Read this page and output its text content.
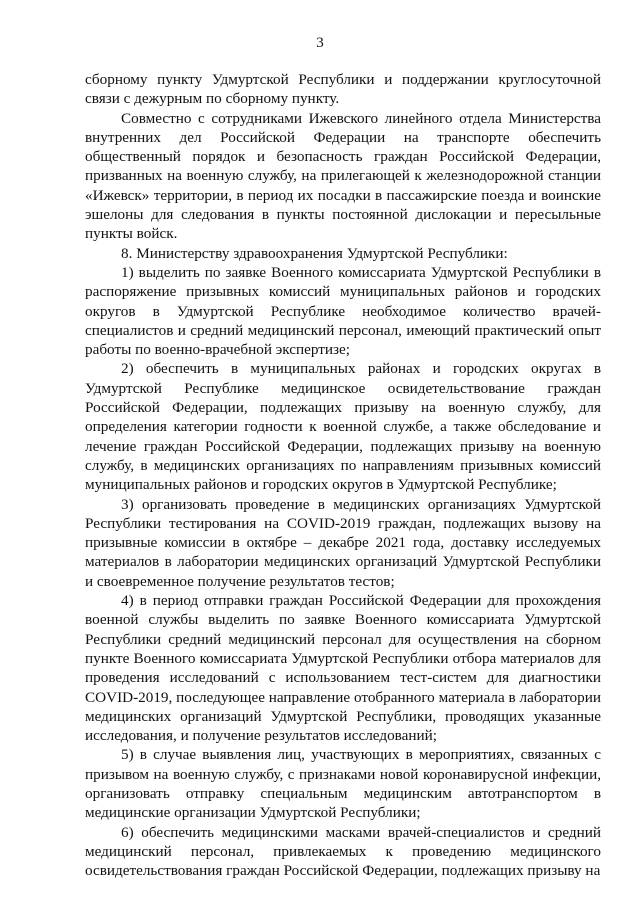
3

сборному пункту Удмуртской Республики и поддержании круглосуточной связи с дежурным по сборному пункту.

Совместно с сотрудниками Ижевского линейного отдела Министерства внутренних дел Российской Федерации на транспорте обеспечить общественный порядок и безопасность граждан Российской Федерации, призванных на военную службу, на прилегающей к железнодорожной станции «Ижевск» территории, в период их посадки в пассажирские поезда и воинские эшелоны для следования в пункты постоянной дислокации и пересыльные пункты войск.

8. Министерству здравоохранения Удмуртской Республики:

1) выделить по заявке Военного комиссариата Удмуртской Республики в распоряжение призывных комиссий муниципальных районов и городских округов в Удмуртской Республике необходимое количество врачей-специалистов и средний медицинский персонал, имеющий практический опыт работы по военно-врачебной экспертизе;

2) обеспечить в муниципальных районах и городских округах в Удмуртской Республике медицинское освидетельствование граждан Российской Федерации, подлежащих призыву на военную службу, для определения категории годности к военной службе, а также обследование и лечение граждан Российской Федерации, подлежащих призыву на военную службу, в медицинских организациях по направлениям призывных комиссий муниципальных районов и городских округов в Удмуртской Республике;

3) организовать проведение в медицинских организациях Удмуртской Республики тестирования на COVID-2019 граждан, подлежащих вызову на призывные комиссии в октябре – декабре 2021 года, доставку исследуемых материалов в лаборатории медицинских организаций Удмуртской Республики и своевременное получение результатов тестов;

4) в период отправки граждан Российской Федерации для прохождения военной службы выделить по заявке Военного комиссариата Удмуртской Республики средний медицинский персонал для осуществления на сборном пункте Военного комиссариата Удмуртской Республики отбора материалов для проведения исследований с использованием тест-систем для диагностики COVID-2019, последующее направление отобранного материала в лаборатории медицинских организаций Удмуртской Республики, проводящих указанные исследования, и получение результатов исследований;

5) в случае выявления лиц, участвующих в мероприятиях, связанных с призывом на военную службу, с признаками новой коронавирусной инфекции, организовать отправку специальным медицинским автотранспортом в медицинские организации Удмуртской Республики;

6) обеспечить медицинскими масками врачей-специалистов и средний медицинский персонал, привлекаемых к проведению медицинского освидетельствования граждан Российской Федерации, подлежащих призыву на
